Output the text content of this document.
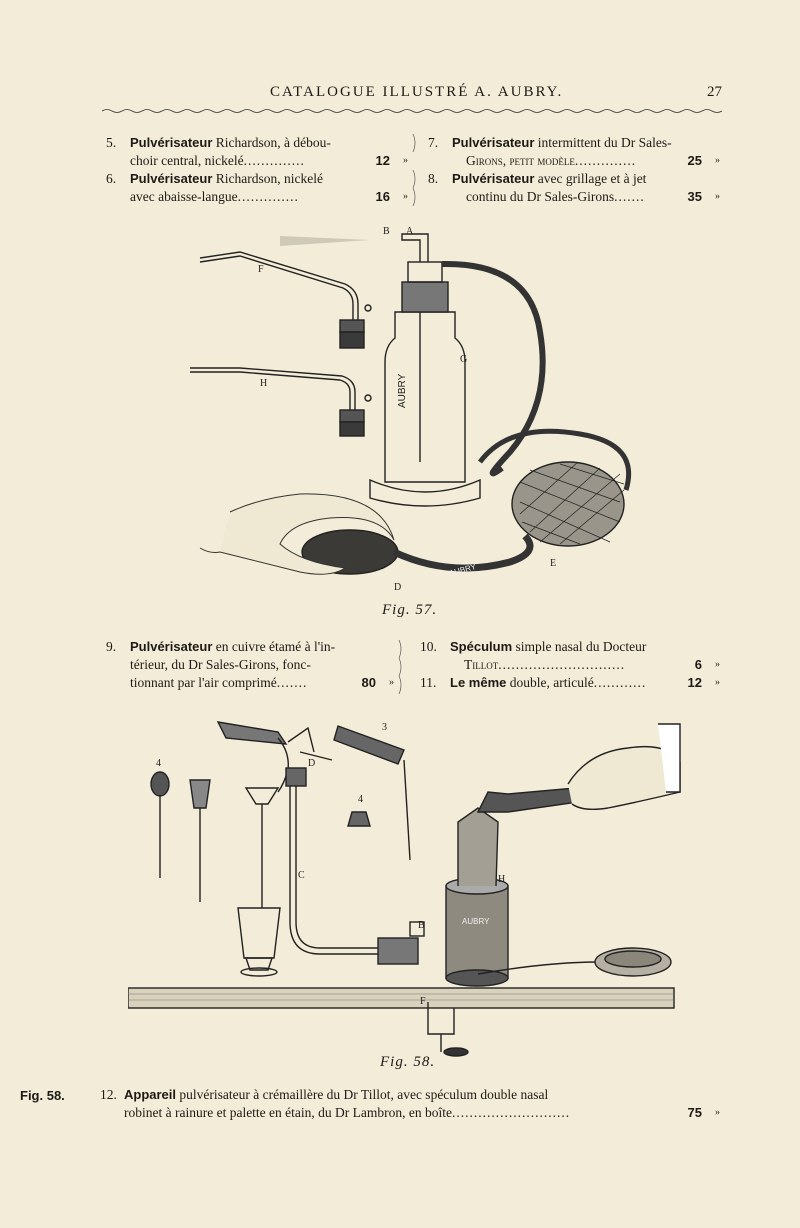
CATALOGUE ILLUSTRÉ A. AUBRY.	27
5. Pulvérisateur Richardson, à débou-
choir central, nickelé..............	12 »
6. Pulvérisateur Richardson, nickelé
avec abaisse-langue..............	16 »
7. Pulvérisateur intermittent du Dr Sales-
Girons, petit modèle..............	25 »
8. Pulvérisateur avec grillage et à jet
continu du Dr Sales-Girons.......	35 »
AUBRY
AUBRY
B A
F
H
G
D
E
Fig. 57.
9. Pulvérisateur en cuivre étamé à l'in-
térieur, du Dr Sales-Girons, fonc-
tionnant par l'air comprimé.......	80 »
10. Spéculum simple nasal du Docteur
Tillot.............................	6 »
11. Le même double, articulé............	12 »
AUBRY
3
4
4
D
C
B
H
F
Fig. 58.
Fig. 58.	12. Appareil pulvérisateur à crémaillère du Dr Tillot, avec spéculum double nasal
robinet à rainure et palette en étain, du Dr Lambron, en boîte...........................	75 »
